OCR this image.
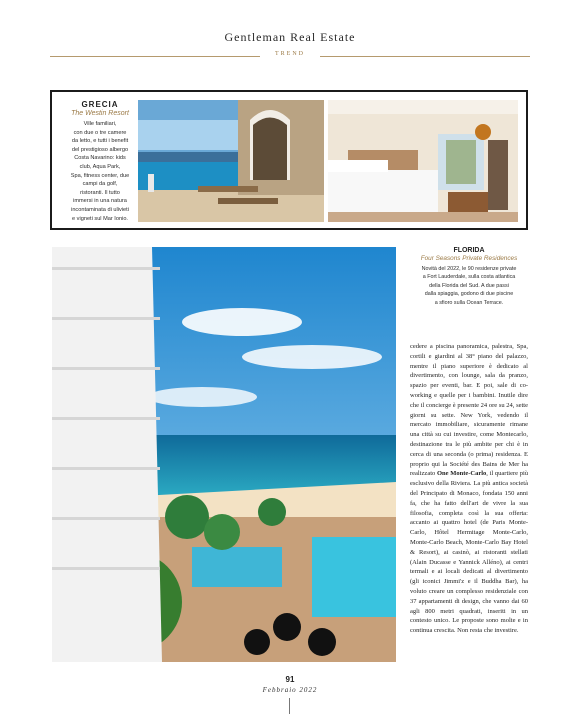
Gentleman Real Estate
TREND
GRECIA
The Westin Resort
Ville familiari,
con due o tre camere
da letto, e tutti i benefit
del prestigioso albergo
Costa Navarino: kids
club, Aqua Park,
Spa, fitness center, due
campi da golf,
ristoranti. Il tutto
immersi in una natura
incontaminata di ulivieti
e vigneti sul Mar Ionio.
FLORIDA
Four Seasons Private Residences
Novità del 2022, le 90 residenze private
a Fort Lauderdale, sulla costa atlantica
della Florida del Sud. A due passi
dalla spiaggia, godono di due piscine
a sfioro sulla Ocean Terrace.
cedere a piscina panoramica, palestra, Spa, cortili e giardini al 38° piano del palazzo, mentre il piano superiore è dedicato al divertimento, con lounge, sala da pranzo, spazio per eventi, bar. E poi, sale di co-working e quelle per i bambini. Inutile dire che il concierge è presente 24 ore su 24, sette giorni su sette. New York, vedendo il mercato immobiliare, sicuramente rimane una città su cui investire, come Montecarlo, destinazione tra le più ambite per chi è in cerca di una seconda (o prima) residenza. E proprio qui la Société des Bains de Mer ha realizzato One Monte-Carlo, il quartiere più esclusivo della Riviera. La più antica società del Principato di Monaco, fondata 150 anni fa, che ha fatto dell'art de vivre la sua filosofia, completa così la sua offerta: accanto ai quattro hotel (de Paris Monte-Carlo, Hôtel Hermitage Monte-Carlo, Monte-Carlo Beach, Monte-Carlo Bay Hotel & Resort), ai casinò, ai ristoranti stellati (Alain Ducasse e Yannick Alléno), ai centri termali e ai locali dedicati al divertimento (gli iconici Jimmi'z e il Buddha Bar), ha voluto creare un complesso residenziale con 37 appartamenti di design, che vanno dai 60 agli 800 metri quadrati, inseriti in un contesto unico. Le proposte sono molte e in continua crescita. Non resta che investire.
91
Febbraio 2022
